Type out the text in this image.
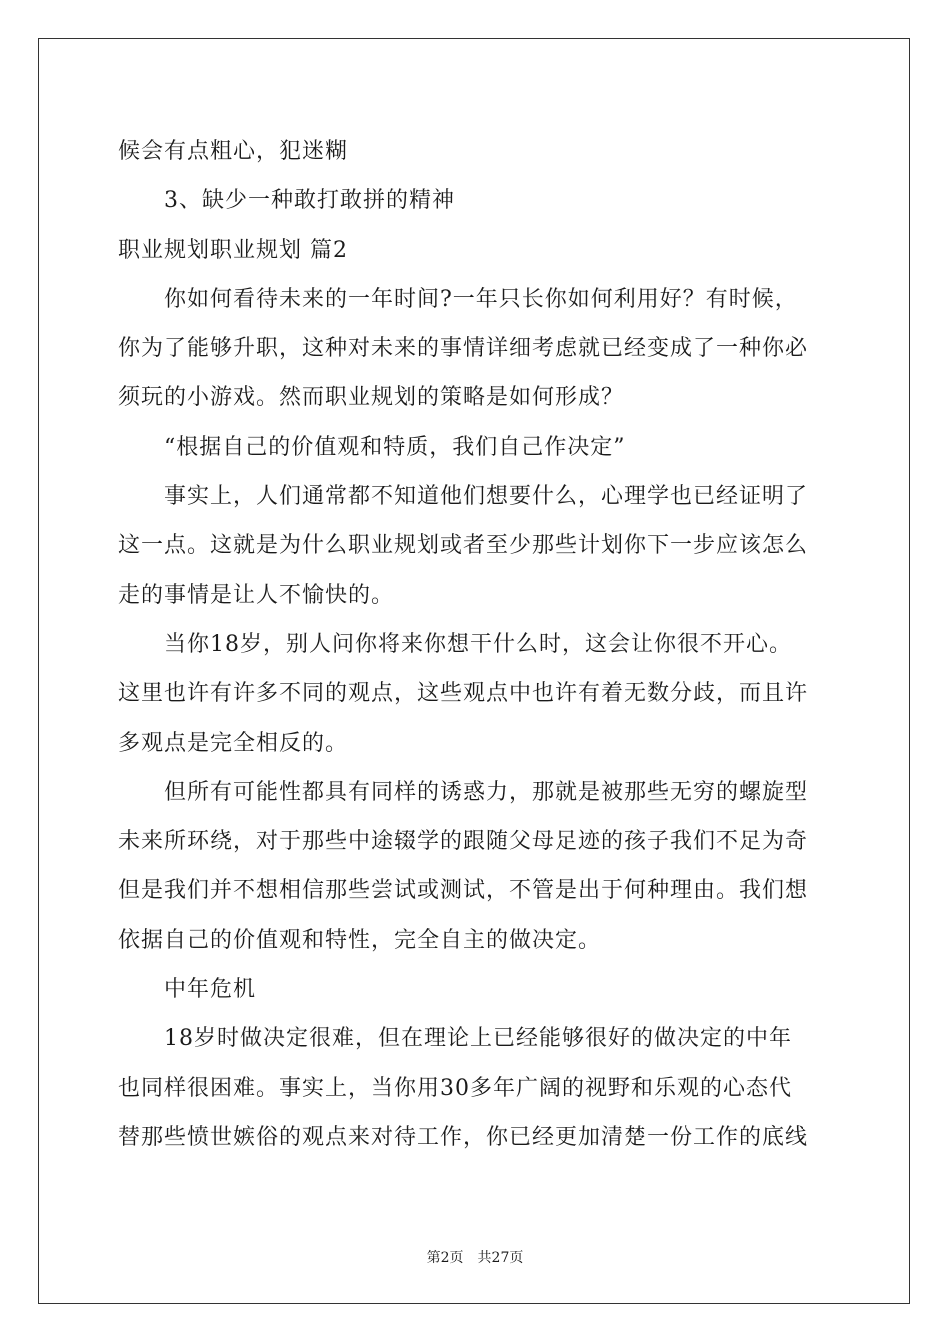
候会有点粗心，犯迷糊
3、缺少一种敢打敢拼的精神
职业规划职业规划 篇2
你如何看待未来的一年时间?一年只长你如何利用好？有时候，
你为了能够升职，这种对未来的事情详细考虑就已经变成了一种你必
须玩的小游戏。然而职业规划的策略是如何形成？
“根据自己的价值观和特质，我们自己作决定”
事实上，人们通常都不知道他们想要什么，心理学也已经证明了
这一点。这就是为什么职业规划或者至少那些计划你下一步应该怎么
走的事情是让人不愉快的。
当你18岁，别人问你将来你想干什么时，这会让你很不开心。
这里也许有许多不同的观点，这些观点中也许有着无数分歧，而且许
多观点是完全相反的。
但所有可能性都具有同样的诱惑力，那就是被那些无穷的螺旋型
未来所环绕，对于那些中途辍学的跟随父母足迹的孩子我们不足为奇
但是我们并不想相信那些尝试或测试，不管是出于何种理由。我们想
依据自己的价值观和特性，完全自主的做决定。
中年危机
18岁时做决定很难，但在理论上已经能够很好的做决定的中年
也同样很困难。事实上，当你用30多年广阔的视野和乐观的心态代
替那些愤世嫉俗的观点来对待工作，你已经更加清楚一份工作的底线
第2页 共27页
